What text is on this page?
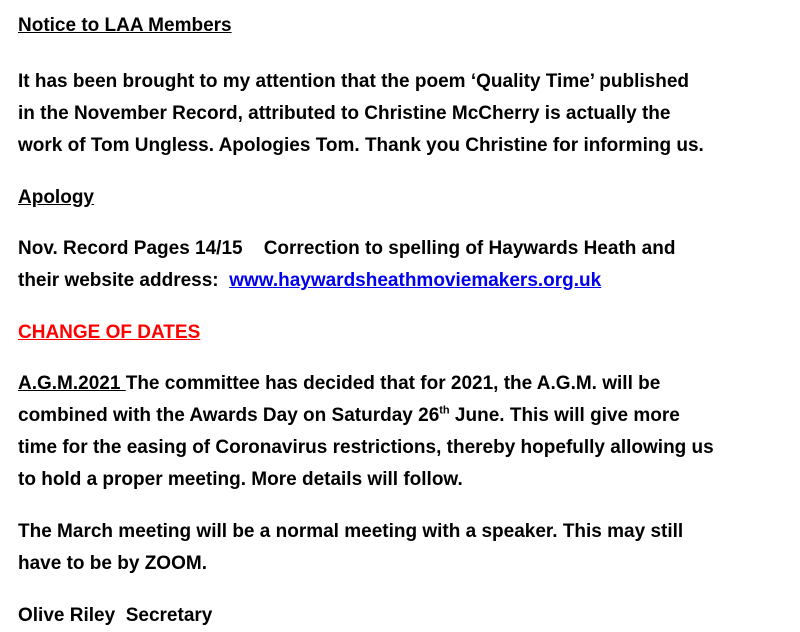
Notice to LAA Members

It has been brought to my attention that the poem ‘Quality Time’ published

in the November Record, attributed to Christine McCherry is actually the

work of Tom Ungless. Apologies Tom. Thank you Christine for informing us.

Apology

Nov. Record Pages 14/15    Correction to spelling of Haywards Heath and

their website address:  www.haywardsheathmoviemakers.org.uk

CHANGE OF DATES

A.G.M.2021 The committee has decided that for 2021, the A.G.M. will be

combined with the Awards Day on Saturday 26th June. This will give more

time for the easing of Coronavirus restrictions, thereby hopefully allowing us

to hold a proper meeting. More details will follow.

The March meeting will be a normal meeting with a speaker. This may still

have to be by ZOOM.

Olive Riley  Secretary
